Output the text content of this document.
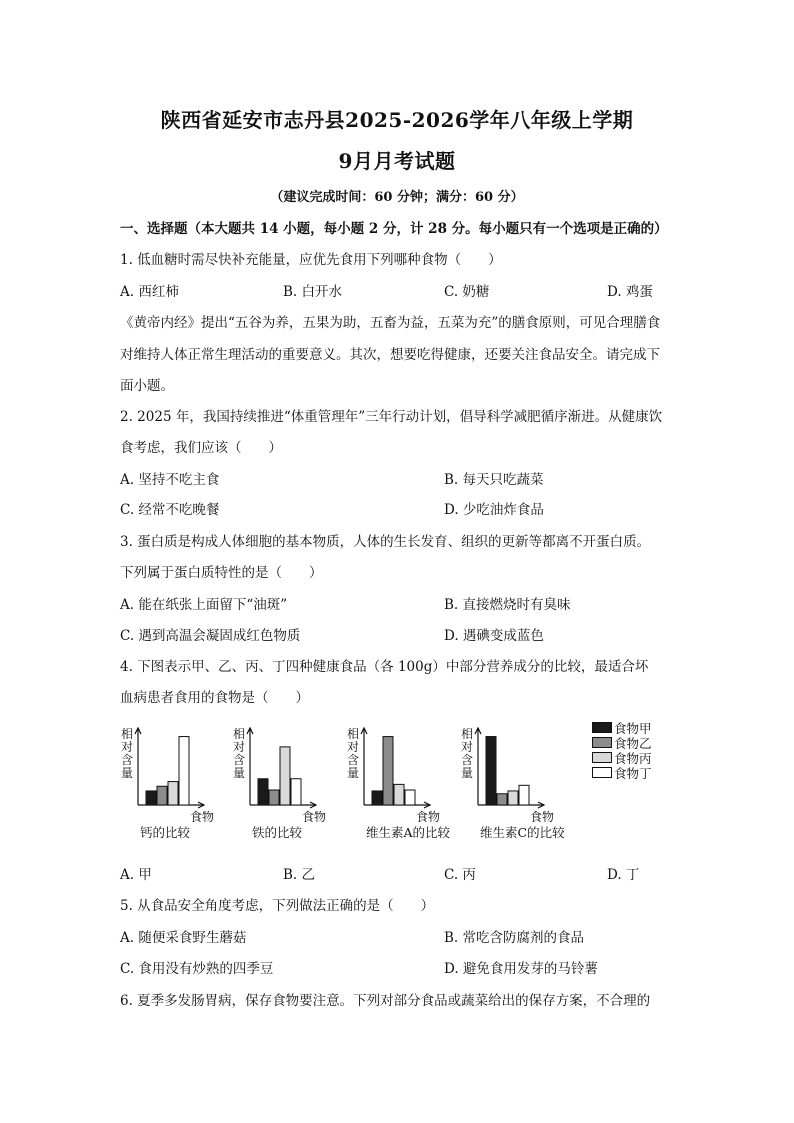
陕西省延安市志丹县2025-2026学年八年级上学期
9月月考试题
（建议完成时间：60 分钟；满分：60 分）
一、选择题（本大题共 14 小题，每小题 2 分，计 28 分。每小题只有一个选项是正确的）
1. 低血糖时需尽快补充能量，应优先食用下列哪种食物（　　）
A. 西红柿	B. 白开水	C. 奶糖	D. 鸡蛋
《黄帝内经》提出“五谷为养，五果为助，五畜为益，五菜为充”的膳食原则，可见合理膳食
对维持人体正常生理活动的重要意义。其次，想要吃得健康，还要关注食品安全。请完成下
面小题。
2. 2025 年，我国持续推进“体重管理年”三年行动计划，倡导科学减肥循序渐进。从健康饮
食考虑，我们应该（　　）
A. 坚持不吃主食	B. 每天只吃蔬菜
C. 经常不吃晚餐	D. 少吃油炸食品
3. 蛋白质是构成人体细胞的基本物质，人体的生长发育、组织的更新等都离不开蛋白质。
下列属于蛋白质特性的是（　　）
A. 能在纸张上面留下“油斑”	B. 直接燃烧时有臭味
C. 遇到高温会凝固成红色物质	D. 遇碘变成蓝色
4. 下图表示甲、乙、丙、丁四种健康食品（各 100g）中部分营养成分的比较，最适合坏
血病患者食用的食物是（　　）
相对含量
食物
钙的比较
相对含量
食物
铁的比较
相对含量
食物
维生素A的比较
相对含量
食物
维生素C的比较
食物甲
食物乙
食物丙
食物丁
A. 甲	B. 乙	C. 丙	D. 丁
5. 从食品安全角度考虑，下列做法正确的是（　　）
A. 随便采食野生蘑菇	B. 常吃含防腐剂的食品
C. 食用没有炒熟的四季豆	D. 避免食用发芽的马铃薯
6. 夏季多发肠胃病，保存食物要注意。下列对部分食品或蔬菜给出的保存方案，不合理的
